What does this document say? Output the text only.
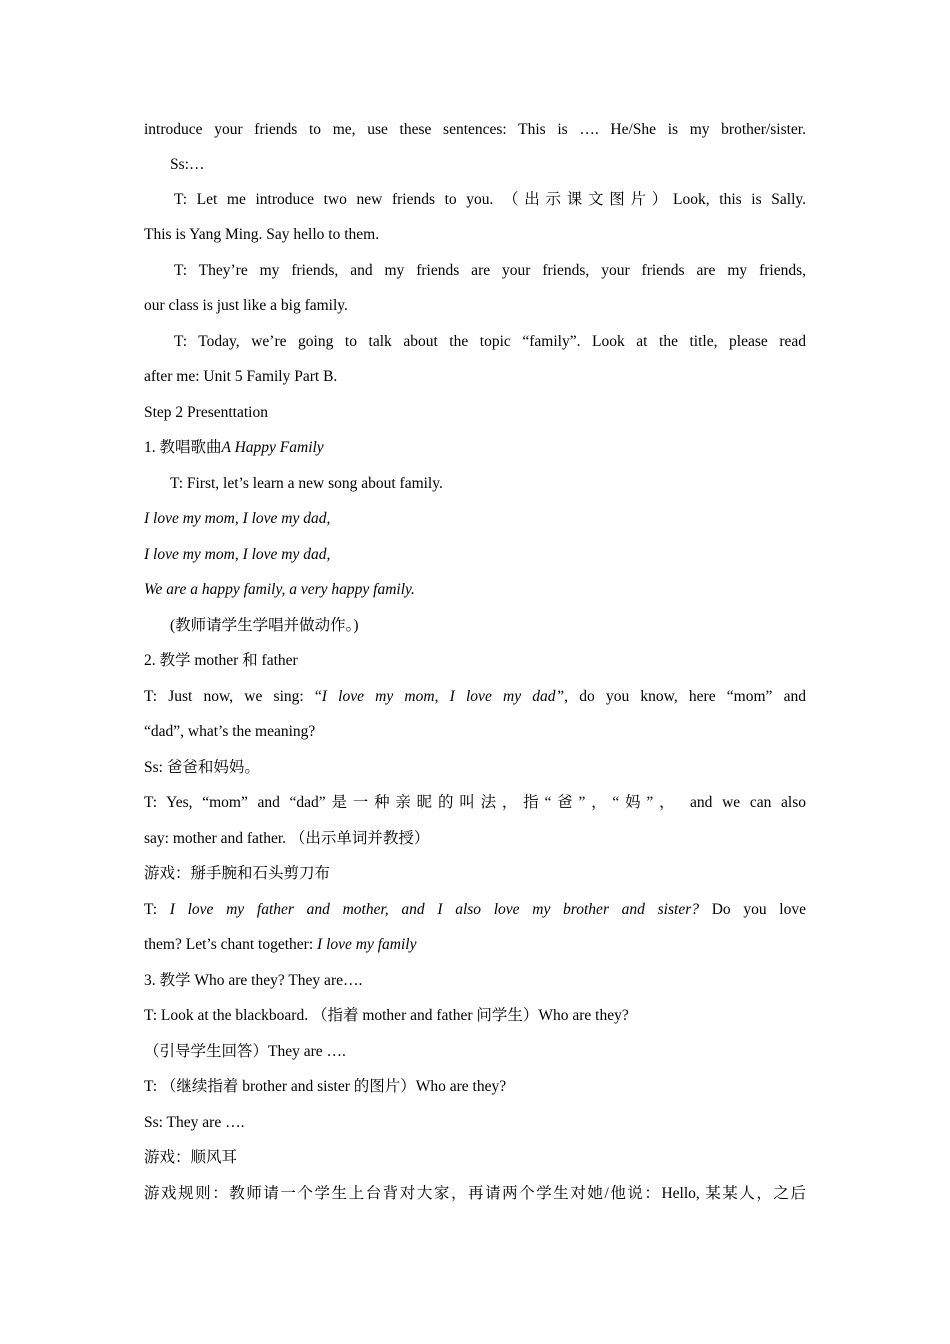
introduce your friends to me, use these sentences: This is …. He/She is my brother/sister.
Ss:…
T: Let me introduce two new friends to you. （出示课文图片）Look, this is Sally.
This is Yang Ming. Say hello to them.
T: They’re my friends, and my friends are your friends, your friends are my friends,
our class is just like a big family.
T: Today, we’re going to talk about the topic “family”. Look at the title, please read
after me: Unit 5 Family Part B.
Step 2 Presenttation
1. 教唱歌曲A Happy Family
T: First, let’s learn a new song about family.
I love my mom, I love my dad,
I love my mom, I love my dad,
We are a happy family, a very happy family.
(教师请学生学唱并做动作。)
2. 教学 mother 和 father
T: Just now, we sing: “I love my mom, I love my dad”, do you know, here “mom” and
“dad”, what’s the meaning?
Ss: 爸爸和妈妈。
T: Yes, “mom” and “dad”是一种亲昵的叫法，指“爸”，“妈”， and we can also
say: mother and father. （出示单词并教授）
游戏：掰手腕和石头剪刀布
T: I love my father and mother, and I also love my brother and sister? Do you love
them? Let’s chant together: I love my family
3. 教学 Who are they? They are….
T: Look at the blackboard. （指着 mother and father 问学生）Who are they?
（引导学生回答）They are ….
T: （继续指着 brother and sister 的图片）Who are they?
Ss: They are ….
游戏：顺风耳
游戏规则：教师请一个学生上台背对大家，再请两个学生对她/他说：Hello, 某某人，之后
